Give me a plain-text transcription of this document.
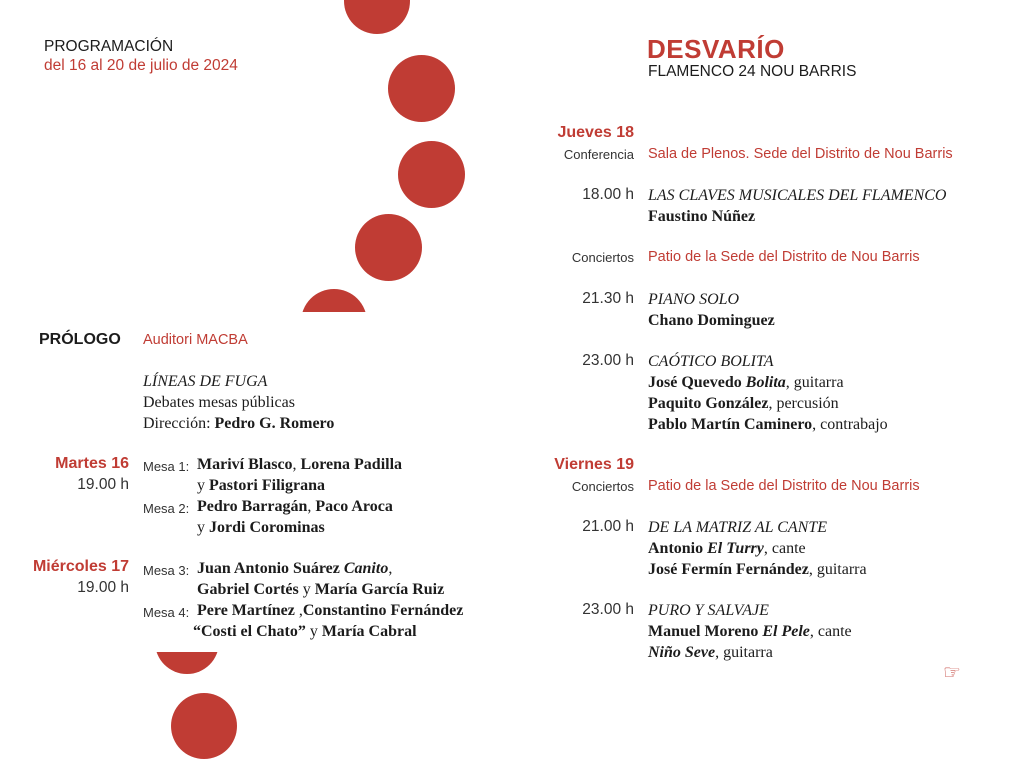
PROGRAMACIÓN
del 16 al 20 de julio de 2024
DESVARÍO
FLAMENCO 24 NOU BARRIS
PRÓLOGO Auditori MACBA
LÍNEAS DE FUGA
Debates mesas públicas
Dirección: Pedro G. Romero
Martes 16
19.00 h
Mesa 1: Mariví Blasco, Lorena Padilla
y Pastori Filigrana
Mesa 2: Pedro Barragán, Paco Aroca
y Jordi Corominas
Miércoles 17
19.00 h
Mesa 3: Juan Antonio Suárez Canito,
Gabriel Cortés y María García Ruiz
Mesa 4: Pere Martínez ,Constantino Fernández
“Costi el Chato” y María Cabral
Jueves 18
Conferencia Sala de Plenos. Sede del Distrito de Nou Barris
18.00 h LAS CLAVES MUSICALES DEL FLAMENCO
Faustino Núñez
Conciertos Patio de la Sede del Distrito de Nou Barris
21.30 h PIANO SOLO
Chano Dominguez
23.00 h CAÓTICO BOLITA
José Quevedo Bolita, guitarra
Paquito González, percusión
Pablo Martín Caminero, contrabajo
Viernes 19
Conciertos Patio de la Sede del Distrito de Nou Barris
21.00 h DE LA MATRIZ AL CANTE
Antonio El Turry, cante
José Fermín Fernández, guitarra
23.00 h PURO Y SALVAJE
Manuel Moreno El Pele, cante
Niño Seve, guitarra
☞
